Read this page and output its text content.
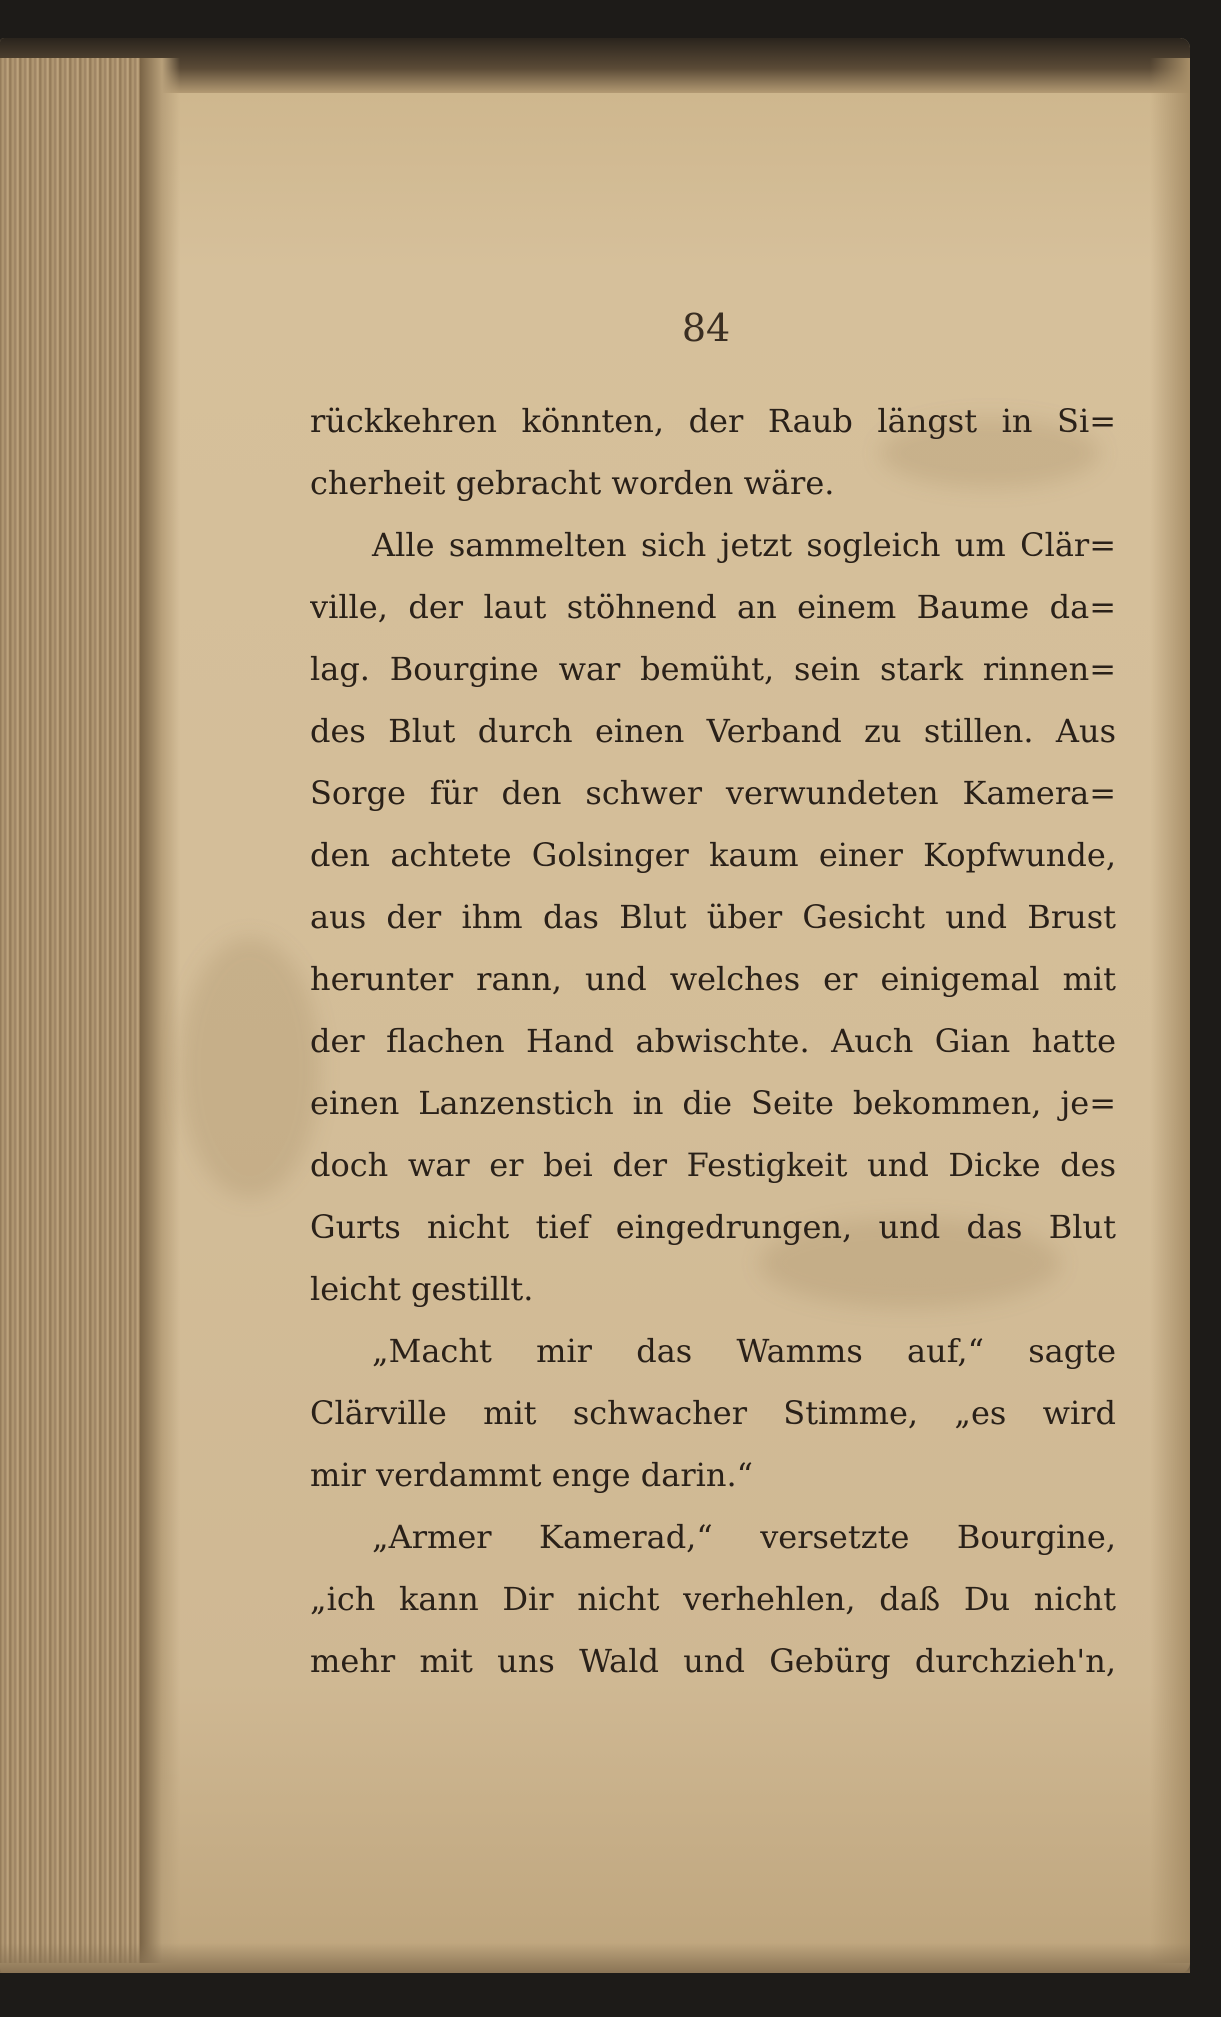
84
rückkehren könnten, der Raub längst in Si=
cherheit gebracht worden wäre.
Alle sammelten sich jetzt sogleich um Clär=
ville, der laut stöhnend an einem Baume da=
lag. Bourgine war bemüht, sein stark rinnen=
des Blut durch einen Verband zu stillen. Aus
Sorge für den schwer verwundeten Kamera=
den achtete Golsinger kaum einer Kopfwunde,
aus der ihm das Blut über Gesicht und Brust
herunter rann, und welches er einigemal mit
der flachen Hand abwischte. Auch Gian hatte
einen Lanzenstich in die Seite bekommen, je=
doch war er bei der Festigkeit und Dicke des
Gurts nicht tief eingedrungen, und das Blut
leicht gestillt.
„Macht mir das Wamms auf,“ sagte
Clärville mit schwacher Stimme, „es wird
mir verdammt enge darin.“
„Armer Kamerad,“ versetzte Bourgine,
„ich kann Dir nicht verhehlen, daß Du nicht
mehr mit uns Wald und Gebürg durchzieh'n,
